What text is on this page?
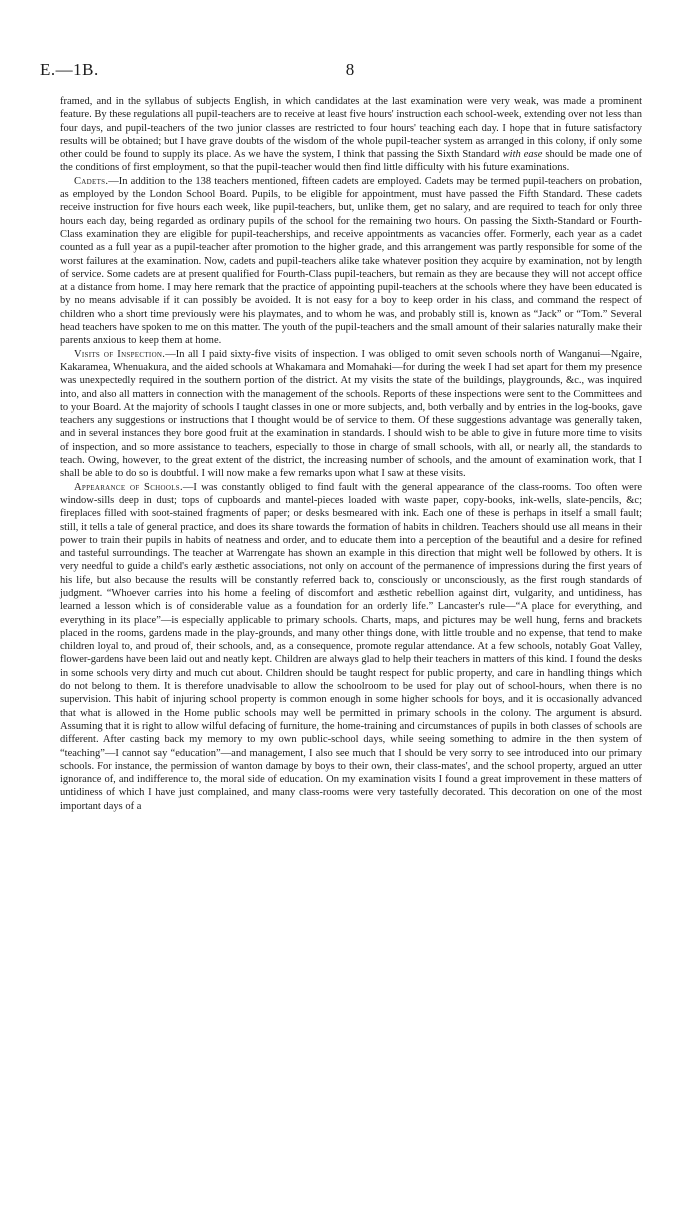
E.—1B.	8

framed, and in the syllabus of subjects English, in which candidates at the last examination were very weak, was made a prominent feature. By these regulations all pupil-teachers are to receive at least five hours' instruction each school-week, extending over not less than four days, and pupil-teachers of the two junior classes are restricted to four hours' teaching each day. I hope that in future satisfactory results will be obtained; but I have grave doubts of the wisdom of the whole pupil-teacher system as arranged in this colony, if only some other could be found to supply its place. As we have the system, I think that passing the Sixth Standard with ease should be made one of the conditions of first employment, so that the pupil-teacher would then find little difficulty with his future examinations.

Cadets.—In addition to the 138 teachers mentioned, fifteen cadets are employed. Cadets may be termed pupil-teachers on probation, as employed by the London School Board. Pupils, to be eligible for appointment, must have passed the Fifth Standard. These cadets receive instruction for five hours each week, like pupil-teachers, but, unlike them, get no salary, and are required to teach for only three hours each day, being regarded as ordinary pupils of the school for the remaining two hours. On passing the Sixth-Standard or Fourth-Class examination they are eligible for pupil-teacherships, and receive appointments as vacancies offer. Formerly, each year as a cadet counted as a full year as a pupil-teacher after promotion to the higher grade, and this arrangement was partly responsible for some of the worst failures at the examination. Now, cadets and pupil-teachers alike take whatever position they acquire by examination, not by length of service. Some cadets are at present qualified for Fourth-Class pupil-teachers, but remain as they are because they will not accept office at a distance from home. I may here remark that the practice of appointing pupil-teachers at the schools where they have been educated is by no means advisable if it can possibly be avoided. It is not easy for a boy to keep order in his class, and command the respect of children who a short time previously were his playmates, and to whom he was, and probably still is, known as “Jack” or “Tom.” Several head teachers have spoken to me on this matter. The youth of the pupil-teachers and the small amount of their salaries naturally make their parents anxious to keep them at home.

Visits of Inspection.—In all I paid sixty-five visits of inspection. I was obliged to omit seven schools north of Wanganui—Ngaire, Kakaramea, Whenuakura, and the aided schools at Whakamara and Momahaki—for during the week I had set apart for them my presence was unexpectedly required in the southern portion of the district. At my visits the state of the buildings, playgrounds, &c., was inquired into, and also all matters in connection with the management of the schools. Reports of these inspections were sent to the Committees and to your Board. At the majority of schools I taught classes in one or more subjects, and, both verbally and by entries in the log-books, gave teachers any suggestions or instructions that I thought would be of service to them. Of these suggestions advantage was generally taken, and in several instances they bore good fruit at the examination in standards. I should wish to be able to give in future more time to visits of inspection, and so more assistance to teachers, especially to those in charge of small schools, with all, or nearly all, the standards to teach. Owing, however, to the great extent of the district, the increasing number of schools, and the amount of examination work, that I shall be able to do so is doubtful. I will now make a few remarks upon what I saw at these visits.

Appearance of Schools.—I was constantly obliged to find fault with the general appearance of the class-rooms. Too often were window-sills deep in dust; tops of cupboards and mantel-pieces loaded with waste paper, copy-books, ink-wells, slate-pencils, &c; fireplaces filled with soot-stained fragments of paper; or desks besmeared with ink. Each one of these is perhaps in itself a small fault; still, it tells a tale of general practice, and does its share towards the formation of habits in children. Teachers should use all means in their power to train their pupils in habits of neatness and order, and to educate them into a perception of the beautiful and a desire for refined and tasteful surroundings. The teacher at Warrengate has shown an example in this direction that might well be followed by others. It is very needful to guide a child's early æsthetic associations, not only on account of the permanence of impressions during the first years of his life, but also because the results will be constantly referred back to, consciously or unconsciously, as the first rough standards of judgment. “Whoever carries into his home a feeling of discomfort and æsthetic rebellion against dirt, vulgarity, and untidiness, has learned a lesson which is of considerable value as a foundation for an orderly life.” Lancaster's rule—“A place for everything, and everything in its place”—is especially applicable to primary schools. Charts, maps, and pictures may be well hung, ferns and brackets placed in the rooms, gardens made in the play-grounds, and many other things done, with little trouble and no expense, that tend to make children loyal to, and proud of, their schools, and, as a consequence, promote regular attendance. At a few schools, notably Goat Valley, flower-gardens have been laid out and neatly kept. Children are always glad to help their teachers in matters of this kind. I found the desks in some schools very dirty and much cut about. Children should be taught respect for public property, and care in handling things which do not belong to them. It is therefore unadvisable to allow the schoolroom to be used for play out of school-hours, when there is no supervision. This habit of injuring school property is common enough in some higher schools for boys, and it is occasionally advanced that what is allowed in the Home public schools may well be permitted in primary schools in the colony. The argument is absurd. Assuming that it is right to allow wilful defacing of furniture, the home-training and circumstances of pupils in both classes of schools are different. After casting back my memory to my own public-school days, while seeing something to admire in the then system of “teaching”—I cannot say “education”—and management, I also see much that I should be very sorry to see introduced into our primary schools. For instance, the permission of wanton damage by boys to their own, their class-mates', and the school property, argued an utter ignorance of, and indifference to, the moral side of education. On my examination visits I found a great improvement in these matters of untidiness of which I have just complained, and many class-rooms were very tastefully decorated. This decoration on one of the most important days of a
